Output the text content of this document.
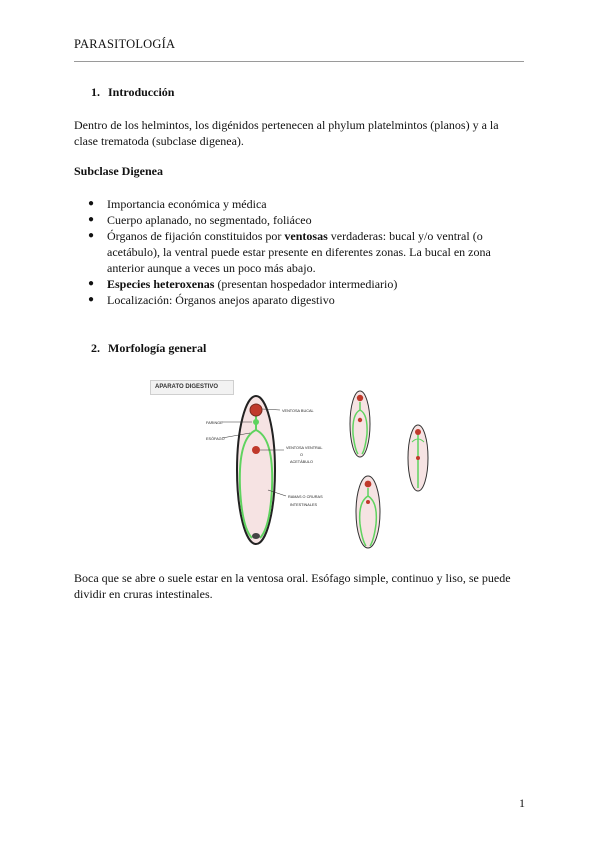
PARASITOLOGÍA
1. Introducción

Dentro de los helmintos, los digénidos pertenecen al phylum platelmintos (planos) y a la

clase trematoda (subclase digenea).

Subclase Digenea
● Importancia económica y médica
● Cuerpo aplanado, no segmentado, foliáceo
● Órganos de fijación constituidos por ventosas verdaderas: bucal y/o ventral (o
acetábulo), la ventral puede estar presente en diferentes zonas. La bucal en zona
anterior aunque a veces un poco más abajo.
● Especies heteroxenas (presentan hospedador intermediario)
● Localización: Órganos anejos aparato digestivo
2. Morfología general
APARATO DIGESTIVO
VENTOSA BUCAL
FARINGE
ESÓFAGO
VENTOSA VENTRAL
O
ACETÁBULO
RAMAS O CRURAS
INTESTINALES

Boca que se abre o suele estar en la ventosa oral. Esófago simple, continuo y liso, se puede

dividir en cruras intestinales.

1
